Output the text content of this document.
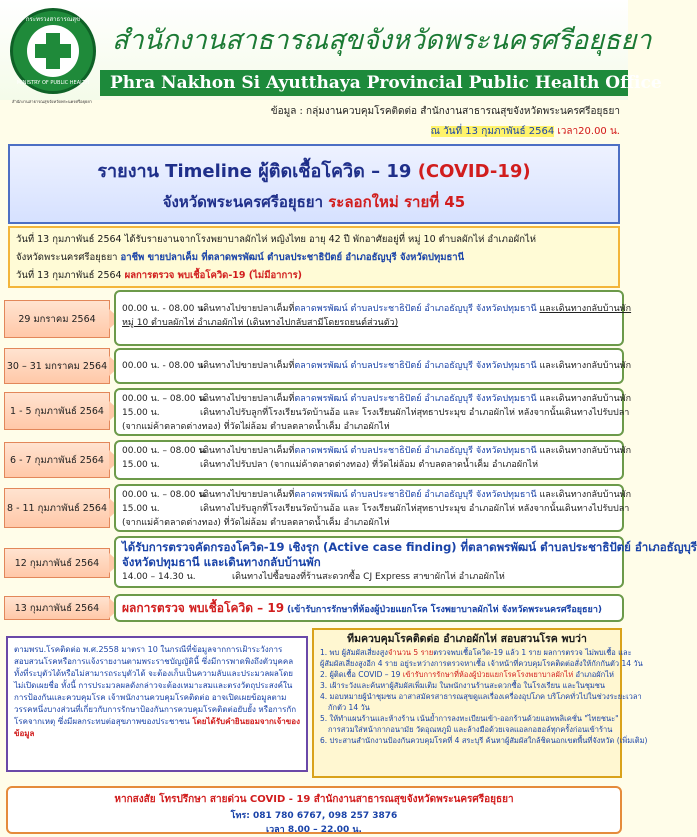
กระทรวงสาธารณสุข
MINISTRY OF PUBLIC HEALTH
สำนักงานสาธารณสุขจังหวัดพระนครศรีอยุธยา
Phra Nakhon Si Ayutthaya Provincial Public Health Office
สำนักงานสาธารณสุขจังหวัดพระนครศรีอยุธยา
ข้อมูล : กลุ่มงานควบคุมโรคติดต่อ สำนักงานสาธารณสุขจังหวัดพระนครศรีอยุธยา
ณ วันที่ 13 กุมภาพันธ์ 2564 เวลา20.00 น.
รายงาน Timeline ผู้ติดเชื้อโควิด – 19 (COVID-19)
จังหวัดพระนครศรีอยุธยา ระลอกใหม่ รายที่ 45
วันที่ 13 กุมภาพันธ์ 2564 ได้รับรายงานจากโรงพยาบาลผักไห่ หญิงไทย อายุ 42 ปี พักอาศัยอยู่ที่ หมู่ 10 ตำบลผักไห่ อำเภอผักไห่
จังหวัดพระนครศรีอยุธยา อาชีพ ขายปลาเค็ม ที่ตลาดพรพัฒน์ ตำบลประชาธิปัตย์ อำเภอธัญบุรี จังหวัดปทุมธานี
วันที่ 13 กุมภาพันธ์ 2564 ผลการตรวจ พบเชื้อโควิด-19 (ไม่มีอาการ)
29 มกราคม 2564
00.00 น. - 08.00 น.เดินทางไปขายปลาเค็มที่ตลาดพรพัฒน์ ตำบลประชาธิปัตย์ อำเภอธัญบุรี จังหวัดปทุมธานี และเดินทางกลับบ้านพัก
หมู่ 10 ตำบลผักไห่ อำเภอผักไห่ (เดินทางไปกลับสามีโดยรถยนต์ส่วนตัว)
30 – 31 มกราคม 2564	00.00 น. - 08.00 น.เดินทางไปขายปลาเค็มที่ตลาดพรพัฒน์ ตำบลประชาธิปัตย์ อำเภอธัญบุรี จังหวัดปทุมธานี และเดินทางกลับบ้านพัก
1 - 5 กุมภาพันธ์ 2564
00.00 น. – 08.00 น.เดินทางไปขายปลาเค็มที่ตลาดพรพัฒน์ ตำบลประชาธิปัตย์ อำเภอธัญบุรี จังหวัดปทุมธานี และเดินทางกลับบ้านพัก
15.00 น.	เดินทางไปรับลูกที่โรงเรียนวัดบ้านอ้อ และ โรงเรียนผักไห่สุทธาประมุข อำเภอผักไห่ หลังจากนั้นเดินทางไปรับปลา
(จากแม่ค้าตลาดต่างทอง) ที่วัดไผ่ล้อม ตำบลตลาดน้ำเค็ม อำเภอผักไห่
6 - 7 กุมภาพันธ์ 2564
00.00 น. – 08.00 น.เดินทางไปขายปลาเค็มที่ตลาดพรพัฒน์ ตำบลประชาธิปัตย์ อำเภอธัญบุรี จังหวัดปทุมธานี และเดินทางกลับบ้านพัก
15.00 น.	เดินทางไปรับปลา (จากแม่ค้าตลาดต่างทอง) ที่วัดไผ่ล้อม ตำบลตลาดน้ำเค็ม อำเภอผักไห่
8 - 11 กุมภาพันธ์ 2564
00.00 น. – 08.00 น.เดินทางไปขายปลาเค็มที่ตลาดพรพัฒน์ ตำบลประชาธิปัตย์ อำเภอธัญบุรี จังหวัดปทุมธานี และเดินทางกลับบ้านพัก
15.00 น.	เดินทางไปรับลูกที่โรงเรียนวัดบ้านอ้อ และ โรงเรียนผักไห่สุทธาประมุข อำเภอผักไห่ หลังจากนั้นเดินทางไปรับปลา
(จากแม่ค้าตลาดต่างทอง) ที่วัดไผ่ล้อม ตำบลตลาดน้ำเค็ม อำเภอผักไห่
12 กุมภาพันธ์ 2564
ได้รับการตรวจคัดกรองโควิด-19 เชิงรุก (Active case finding) ที่ตลาดพรพัฒน์ ตำบลประชาธิปัตย์ อำเภอธัญบุรี
จังหวัดปทุมธานี และเดินทางกลับบ้านพัก
14.00 – 14.30 น.	เดินทางไปซื้อของที่ร้านสะดวกซื้อ CJ Express สาขาผักไห่ อำเภอผักไห่
13 กุมภาพันธ์ 2564	ผลการตรวจ พบเชื้อโควิด – 19 (เข้ารับการรักษาที่ห้องผู้ป่วยแยกโรค โรงพยาบาลผักไห่ จังหวัดพระนครศรีอยุธยา)
ตามพรบ.โรคติดต่อ พ.ศ.2558 มาตรา 10 ในกรณีที่ข้อมูลจากการเฝ้าระวังการสอบสวนโรคหรือการแจ้งรายงานตามพระราชบัญญัตินี้ ซึ่งมีการพาดพิงถึงตัวบุคคลทั้งที่ระบุตัวได้หรือไม่สามารถระบุตัวได้ จะต้องเก็บเป็นความลับและประมวลผลโดยไม่เปิดเผยชื่อ ทั้งนี้ การประมวลผลดังกล่าวจะต้องเหมาะสมและตรงวัตถุประสงค์ในการป้องกันและควบคุมโรค เจ้าพนักงานควบคุมโรคติดต่อ อาจเปิดเผยข้อมูลตามวรรคหนึ่งบางส่วนที่เกี่ยวกับการรักษาป้องกันการควบคุมโรคติดต่อยับยั้ง หรือการกักโรคจากเหตุ ซึ่งมีผลกระทบต่อสุขภาพของประชาชน โดยได้รับคำยินยอมจากเจ้าของข้อมูล
ทีมควบคุมโรคติดต่อ อำเภอผักไห่ สอบสวนโรค พบว่า
1. พบ ผู้สัมผัสเสี่ยงสูงจำนวน 5 รายตรวจพบเชื้อโควิด-19 แล้ว 1 ราย ผลการตรวจ ไม่พบเชื้อ และ
ผู้สัมผัสเสี่ยงสูงอีก 4 ราย อยู่ระหว่างการตรวจหาเชื้อ เจ้าหน้าที่ควบคุมโรคติดต่อสั่งให้กักกันตัว 14 วัน
2. ผู้ติดเชื้อ COVID – 19 เข้ารับการรักษาที่ห้องผู้ป่วยแยกโรคโรงพยาบาลผักไห่ อำเภอผักไห่
3. เฝ้าระวังและค้นหาผู้สัมผัสเพิ่มเติม ในพนักงานร้านสะดวกซื้อ ในโรงเรียน และในชุมชน
4. มอบหมายผู้นำชุมชน อาสาสมัครสาธารณสุขดูแลเรื่องเครื่องอุปโภค บริโภคทั่วไปในช่วงระยะเวลา
กักตัว 14 วัน
5. ให้ทำแผนร้านและห้างร้าน เน้นย้ำการลงทะเบียนเข้า-ออกร้านด้วยแอพพลิเคชั่น "ไทยชนะ"
การสวมใส่หน้ากากอนามัย วัดอุณหภูมิ และล้างมือด้วยเจลแอลกอฮอล์ทุกครั้งก่อนเข้าร้าน
6. ประสานสำนักงานป้องกันควบคุมโรคที่ 4 สระบุรี ค้นหาผู้สัมผัสใกล้ชิดนอกเขตพื้นที่จังหวัด (เพิ่มเติม)
หากสงสัย โทรปรึกษา สายด่วน COVID - 19 สำนักงานสาธารณสุขจังหวัดพระนครศรีอยุธยา
โทร: 081 780 6767, 098 257 3876
เวลา 8.00 – 22.00 น.
